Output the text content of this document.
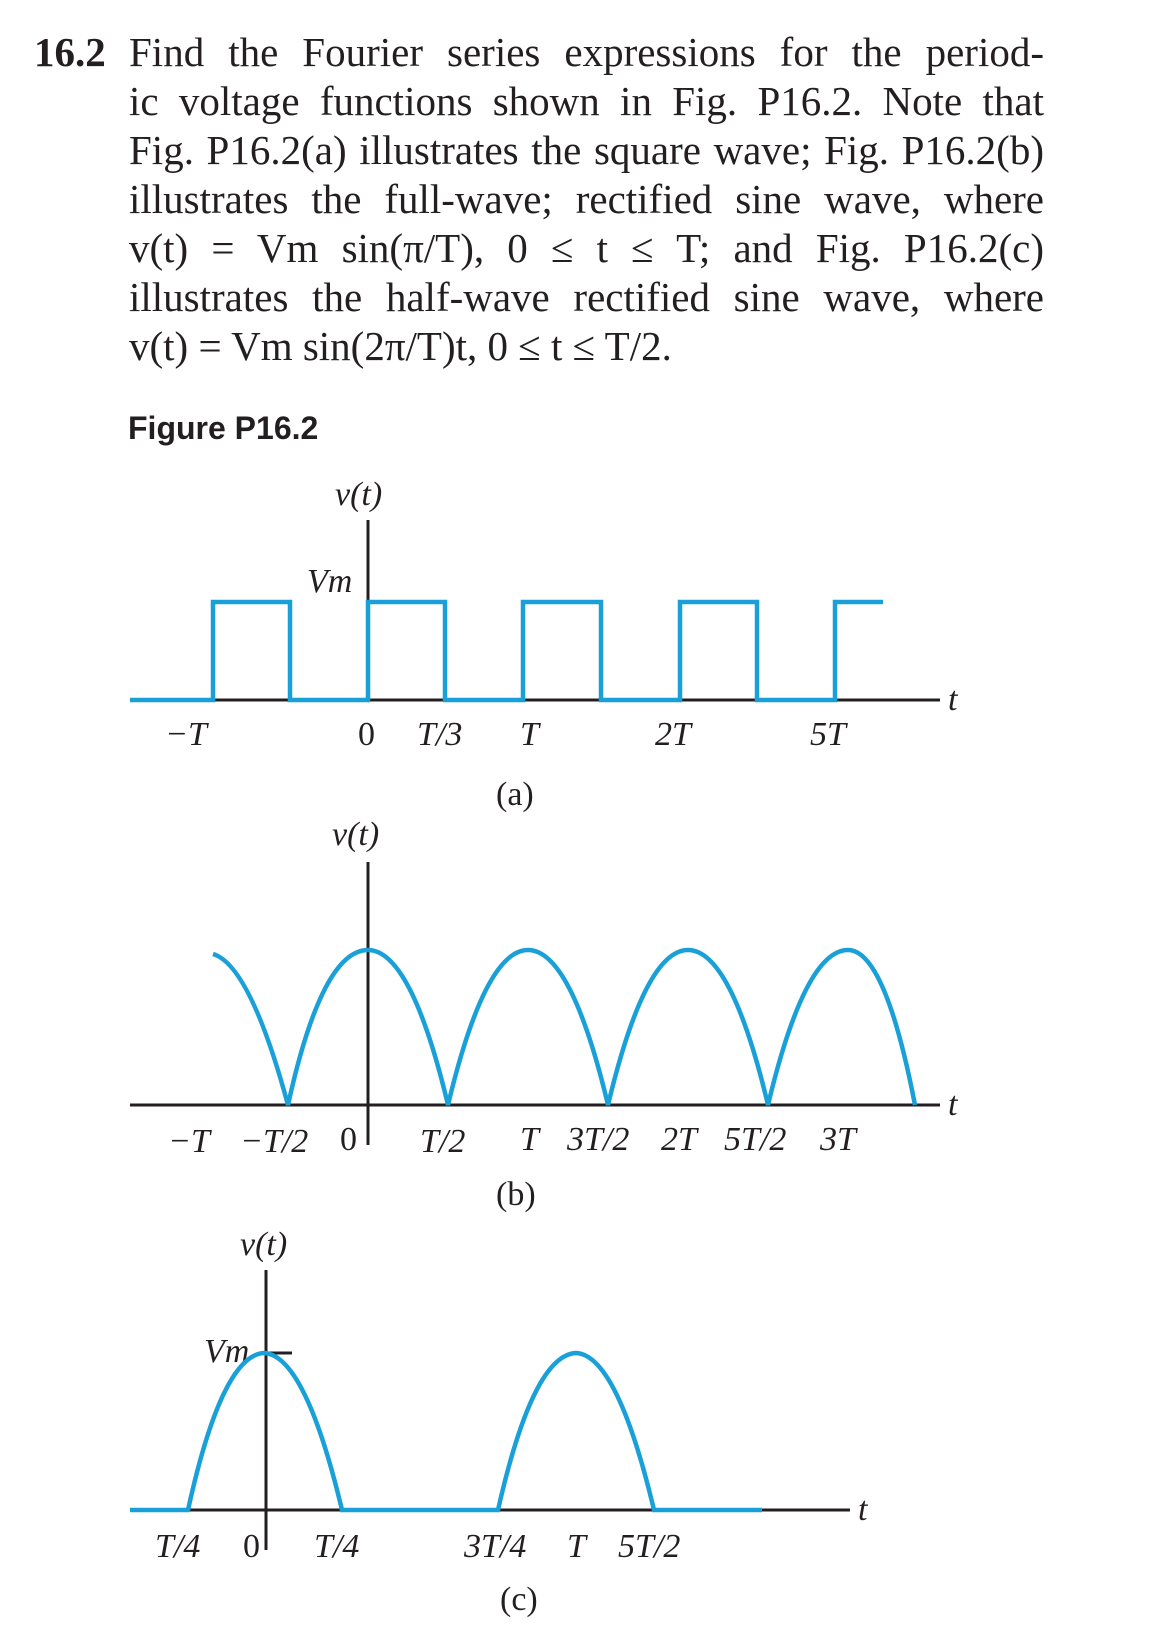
16.2 Find the Fourier series expressions for the period-
ic voltage functions shown in Fig. P16.2. Note that
Fig. P16.2(a) illustrates the square wave; Fig. P16.2(b)
illustrates the full-wave; rectified sine wave, where
v(t) = Vm sin(π/T), 0 ≤ t ≤ T; and Fig. P16.2(c)
illustrates the half-wave rectified sine wave, where
v(t) = Vm sin(2π/T)t, 0 ≤ t ≤ T/2.
Figure P16.2
v(t)
t
Vm
−T	0 T/3 T	2T	5T
(a)
v(t)
t
−T −T/2 0 T/2 T 3T/2 2T 5T/2 3T
(b)
v(t)
t
Vm
T/4 0 T/4	3T/4 T 5T/2
(c)
